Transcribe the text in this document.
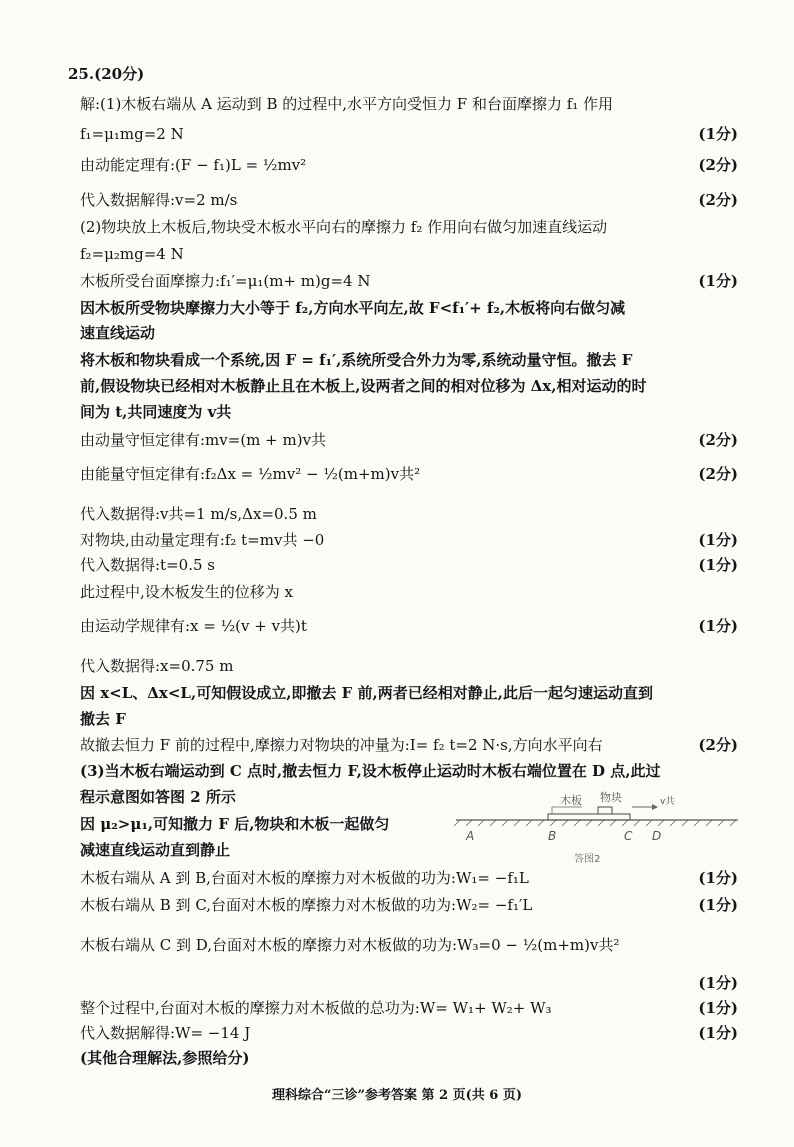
25.(20分)
解:(1)木板右端从 A 运动到 B 的过程中,水平方向受恒力 F 和台面摩擦力 f₁ 作用
f₁=μ₁mg=2 N	(1分)
由动能定理有:(F − f₁)L = ½mv²	(2分)
代入数据解得:v=2 m/s	(2分)
(2)物块放上木板后,物块受木板水平向右的摩擦力 f₂ 作用向右做匀加速直线运动
f₂=μ₂mg=4 N
木板所受台面摩擦力:f₁′=μ₁(m+ m)g=4 N	(1分)
因木板所受物块摩擦力大小等于 f₂,方向水平向左,故 F<f₁′+ f₂,木板将向右做匀减
速直线运动
将木板和物块看成一个系统,因 F = f₁′,系统所受合外力为零,系统动量守恒。撤去 F
前,假设物块已经相对木板静止且在木板上,设两者之间的相对位移为 Δx,相对运动的时
间为 t,共同速度为 v共
由动量守恒定律有:mv=(m + m)v共	(2分)
由能量守恒定律有:f₂Δx = ½mv² − ½(m+m)v共²	(2分)
代入数据得:v共=1 m/s,Δx=0.5 m
对物块,由动量定理有:f₂ t=mv共 −0	(1分)
代入数据得:t=0.5 s	(1分)
此过程中,设木板发生的位移为 x
由运动学规律有:x = ½(v + v共)t	(1分)
代入数据得:x=0.75 m
因 x<L、Δx<L,可知假设成立,即撤去 F 前,两者已经相对静止,此后一起匀速运动直到
撤去 F
故撤去恒力 F 前的过程中,摩擦力对物块的冲量为:I= f₂ t=2 N·s,方向水平向右	(2分)
(3)当木板右端运动到 C 点时,撤去恒力 F,设木板停止运动时木板右端位置在 D 点,此过
程示意图如答图 2 所示
因 μ₂>μ₁,可知撤力 F 后,物块和木板一起做匀
减速直线运动直到静止
木板 物块	v共
A	B	C D
答图2
木板右端从 A 到 B,台面对木板的摩擦力对木板做的功为:W₁= −f₁L	(1分)
木板右端从 B 到 C,台面对木板的摩擦力对木板做的功为:W₂= −f₁′L	(1分)
木板右端从 C 到 D,台面对木板的摩擦力对木板做的功为:W₃=0 − ½(m+m)v共²
(1分)
整个过程中,台面对木板的摩擦力对木板做的总功为:W= W₁+ W₂+ W₃	(1分)
代入数据解得:W= −14 J	(1分)
(其他合理解法,参照给分)
理科综合“三诊”参考答案 第 2 页(共 6 页)
